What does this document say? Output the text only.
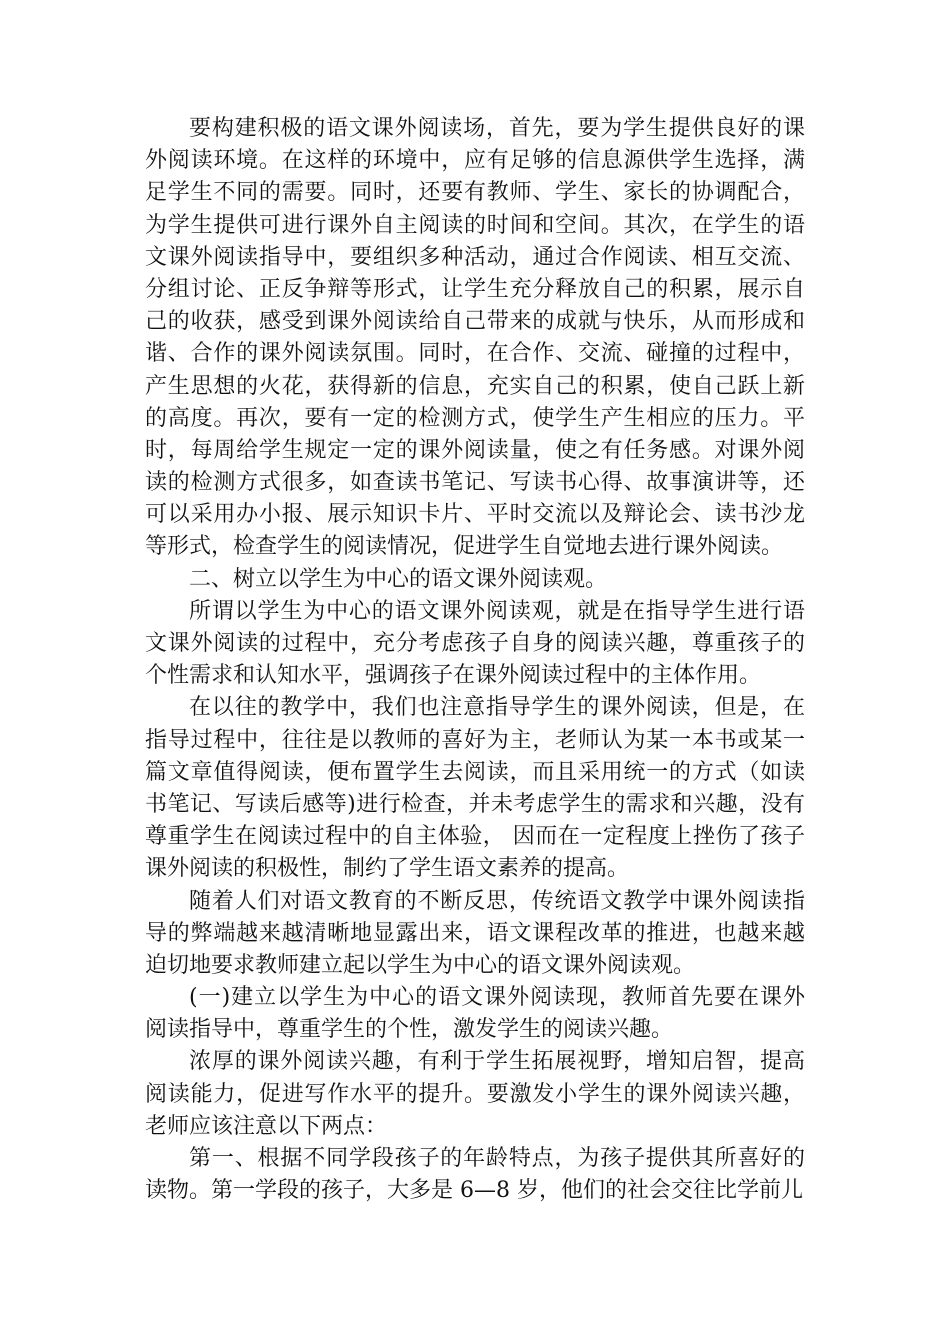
要构建积极的语文课外阅读场，首先，要为学生提供良好的课
外阅读环境。在这样的环境中，应有足够的信息源供学生选择，满
足学生不同的需要。同时，还要有教师、学生、家长的协调配合，
为学生提供可进行课外自主阅读的时间和空间。其次，在学生的语
文课外阅读指导中，要组织多种活动，通过合作阅读、相互交流、
分组讨论、正反争辩等形式，让学生充分释放自己的积累，展示自
己的收获，感受到课外阅读给自己带来的成就与快乐，从而形成和
谐、合作的课外阅读氛围。同时，在合作、交流、碰撞的过程中，
产生思想的火花，获得新的信息，充实自己的积累，使自己跃上新
的高度。再次，要有一定的检测方式，使学生产生相应的压力。平
时，每周给学生规定一定的课外阅读量，使之有任务感。对课外阅
读的检测方式很多，如查读书笔记、写读书心得、故事演讲等，还
可以采用办小报、展示知识卡片、平时交流以及辩论会、读书沙龙
等形式，检查学生的阅读情况，促进学生自觉地去进行课外阅读。
二、树立以学生为中心的语文课外阅读观。
所谓以学生为中心的语文课外阅读观，就是在指导学生进行语
文课外阅读的过程中，充分考虑孩子自身的阅读兴趣，尊重孩子的
个性需求和认知水平，强调孩子在课外阅读过程中的主体作用。
在以往的教学中，我们也注意指导学生的课外阅读，但是，在
指导过程中，往往是以教师的喜好为主，老师认为某一本书或某一
篇文章值得阅读，便布置学生去阅读，而且采用统一的方式（如读
书笔记、写读后感等)进行检查，并未考虑学生的需求和兴趣，没有
尊重学生在阅读过程中的自主体验， 因而在一定程度上挫伤了孩子
课外阅读的积极性，制约了学生语文素养的提高。
随着人们对语文教育的不断反思，传统语文教学中课外阅读指
导的弊端越来越清晰地显露出来，语文课程改革的推进，也越来越
迫切地要求教师建立起以学生为中心的语文课外阅读观。
(一)建立以学生为中心的语文课外阅读现，教师首先要在课外
阅读指导中，尊重学生的个性，激发学生的阅读兴趣。
浓厚的课外阅读兴趣，有利于学生拓展视野，增知启智，提高
阅读能力，促进写作水平的提升。要激发小学生的课外阅读兴趣，
老师应该注意以下两点：
第一、根据不同学段孩子的年龄特点，为孩子提供其所喜好的
读物。第一学段的孩子，大多是 6—8 岁，他们的社会交往比学前儿
